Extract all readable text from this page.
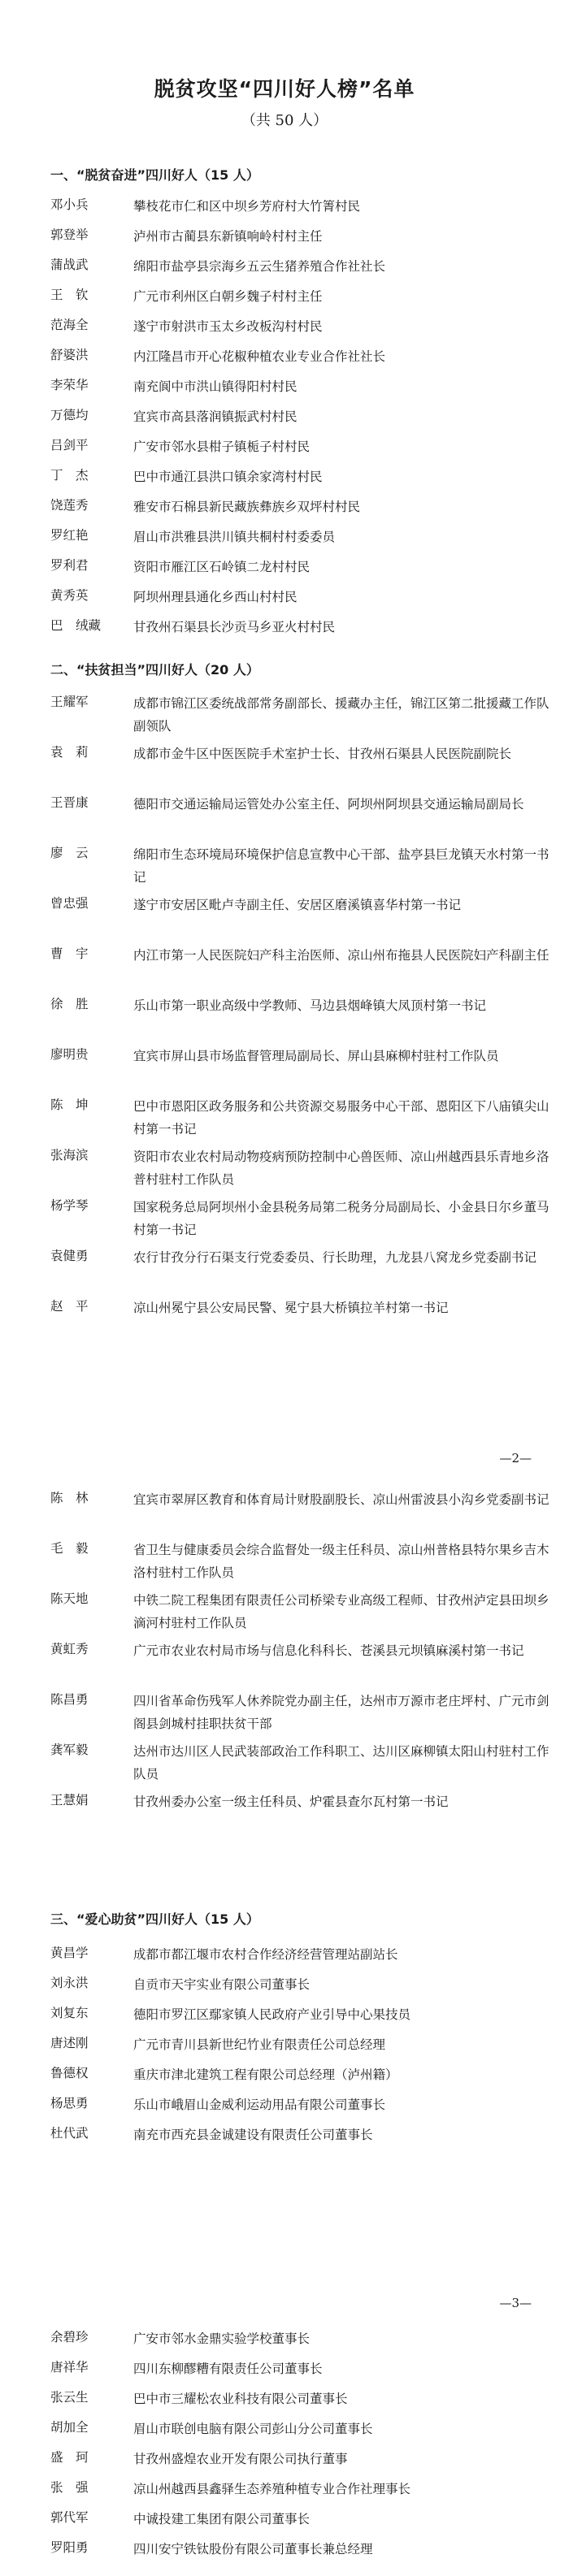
脱贫攻坚“四川好人榜”名单
（共 50 人）
—2—
—3—
一、“脱贫奋进”四川好人（15 人）
邓小兵	攀枝花市仁和区中坝乡芳府村大竹箐村民
郭登举	泸州市古蔺县东新镇响岭村村主任
蒲战武	绵阳市盐亭县宗海乡五云生猪养殖合作社社长
王　钦	广元市利州区白朝乡魏子村村主任
范海全	遂宁市射洪市玉太乡改板沟村村民
舒婆洪	内江隆昌市开心花椒种植农业专业合作社社长
李荣华	南充阆中市洪山镇得阳村村民
万德均	宜宾市高县落润镇振武村村民
吕剑平	广安市邻水县柑子镇栀子村村民
丁　杰	巴中市通江县洪口镇余家湾村村民
饶莲秀	雅安市石棉县新民藏族彝族乡双坪村村民
罗红艳	眉山市洪雅县洪川镇共桐村村委委员
罗利君	资阳市雁江区石岭镇二龙村村民
黄秀英	阿坝州理县通化乡西山村村民
巴　绒藏	甘孜州石渠县长沙贡马乡亚火村村民
二、“扶贫担当”四川好人（20 人）
王耀军	成都市锦江区委统战部常务副部长、援藏办主任，锦江区第二批援藏工作队副领队
袁　莉	成都市金牛区中医医院手术室护士长、甘孜州石渠县人民医院副院长
王晋康	德阳市交通运输局运管处办公室主任、阿坝州阿坝县交通运输局副局长
廖　云	绵阳市生态环境局环境保护信息宣教中心干部、盐亭县巨龙镇天水村第一书记
曾忠强	遂宁市安居区毗卢寺副主任、安居区磨溪镇喜华村第一书记
曹　宇	内江市第一人民医院妇产科主治医师、凉山州布拖县人民医院妇产科副主任
徐　胜	乐山市第一职业高级中学教师、马边县烟峰镇大凤顶村第一书记
廖明贵	宜宾市屏山县市场监督管理局副局长、屏山县麻柳村驻村工作队员
陈　坤	巴中市恩阳区政务服务和公共资源交易服务中心干部、恩阳区下八庙镇尖山村第一书记
张海滨	资阳市农业农村局动物疫病预防控制中心兽医师、凉山州越西县乐青地乡洛普村驻村工作队员
杨学琴	国家税务总局阿坝州小金县税务局第二税务分局副局长、小金县日尔乡董马村第一书记
袁健勇	农行甘孜分行石渠支行党委委员、行长助理，九龙县八窝龙乡党委副书记
赵　平	凉山州冕宁县公安局民警、冕宁县大桥镇拉羊村第一书记
陈　林	宜宾市翠屏区教育和体育局计财股副股长、凉山州雷波县小沟乡党委副书记
毛　毅	省卫生与健康委员会综合监督处一级主任科员、凉山州普格县特尔果乡吉木洛村驻村工作队员
陈天地	中铁二院工程集团有限责任公司桥梁专业高级工程师、甘孜州泸定县田坝乡滴河村驻村工作队员
黄虹秀	广元市农业农村局市场与信息化科科长、苍溪县元坝镇麻溪村第一书记
陈昌勇	四川省革命伤残军人休养院党办副主任，达州市万源市老庄坪村、广元市剑阁县剑城村挂职扶贫干部
龚军毅	达州市达川区人民武装部政治工作科职工、达川区麻柳镇太阳山村驻村工作队员
王慧娟	甘孜州委办公室一级主任科员、炉霍县查尔瓦村第一书记
三、“爱心助贫”四川好人（15 人）
黄昌学	成都市都江堰市农村合作经济经营管理站副站长
刘永洪	自贡市天宇实业有限公司董事长
刘复东	德阳市罗江区鄢家镇人民政府产业引导中心果技员
唐述刚	广元市青川县新世纪竹业有限责任公司总经理
鲁德权	重庆市津北建筑工程有限公司总经理（泸州籍）
杨思勇	乐山市峨眉山金威利运动用品有限公司董事长
杜代武	南充市西充县金诚建设有限责任公司董事长
余碧珍	广安市邻水金鼎实验学校董事长
唐祥华	四川东柳醪糟有限责任公司董事长
张云生	巴中市三耀松农业科技有限公司董事长
胡加全	眉山市联创电脑有限公司彭山分公司董事长
盛　珂	甘孜州盛煌农业开发有限公司执行董事
张　强	凉山州越西县鑫驿生态养殖种植专业合作社理事长
郭代军	中诚投建工集团有限公司董事长
罗阳勇	四川安宁铁钛股份有限公司董事长兼总经理
